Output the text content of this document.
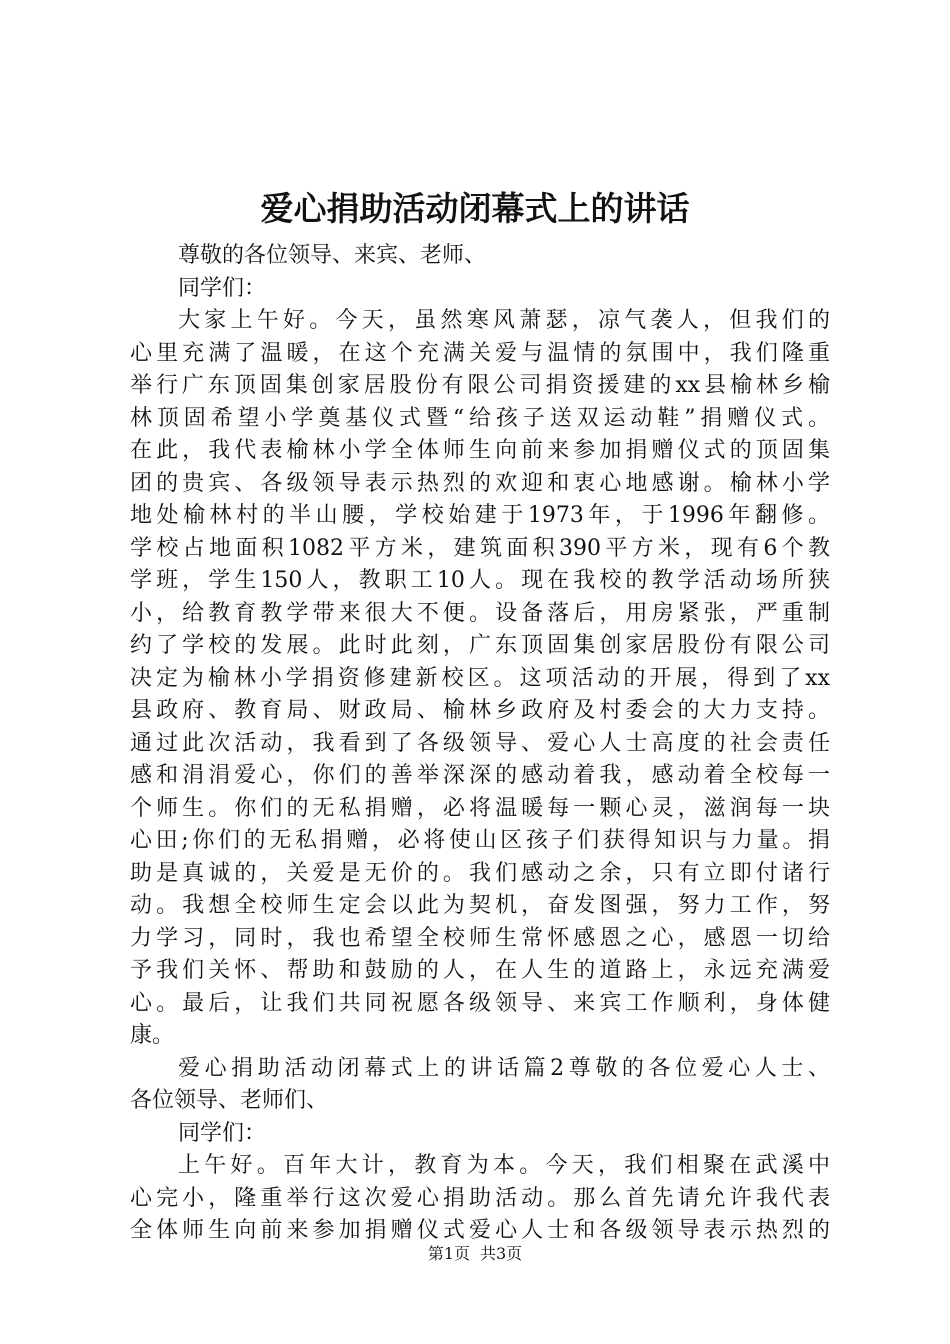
爱心捐助活动闭幕式上的讲话
尊敬的各位领导、来宾、老师、
同学们：
大家上午好。今天，虽然寒风萧瑟，凉气袭人，但我们的
心里充满了温暖，在这个充满关爱与温情的氛围中，我们隆重
举行广东顶固集创家居股份有限公司捐资援建的xx县榆林乡榆
林顶固希望小学奠基仪式暨“给孩子送双运动鞋”捐赠仪式。
在此，我代表榆林小学全体师生向前来参加捐赠仪式的顶固集
团的贵宾、各级领导表示热烈的欢迎和衷心地感谢。榆林小学
地处榆林村的半山腰，学校始建于1973年，于1996年翻修。
学校占地面积1082平方米，建筑面积390平方米，现有6个教
学班，学生150人，教职工10人。现在我校的教学活动场所狭
小，给教育教学带来很大不便。设备落后，用房紧张，严重制
约了学校的发展。此时此刻，广东顶固集创家居股份有限公司
决定为榆林小学捐资修建新校区。这项活动的开展，得到了xx
县政府、教育局、财政局、榆林乡政府及村委会的大力支持。
通过此次活动，我看到了各级领导、爱心人士高度的社会责任
感和涓涓爱心，你们的善举深深的感动着我，感动着全校每一
个师生。你们的无私捐赠，必将温暖每一颗心灵，滋润每一块
心田;你们的无私捐赠，必将使山区孩子们获得知识与力量。捐
助是真诚的，关爱是无价的。我们感动之余，只有立即付诸行
动。我想全校师生定会以此为契机，奋发图强，努力工作，努
力学习，同时，我也希望全校师生常怀感恩之心，感恩一切给
予我们关怀、帮助和鼓励的人，在人生的道路上，永远充满爱
心。最后，让我们共同祝愿各级领导、来宾工作顺利，身体健
康。
爱心捐助活动闭幕式上的讲话篇2尊敬的各位爱心人士、
各位领导、老师们、
同学们：
上午好。百年大计，教育为本。今天，我们相聚在武溪中
心完小，隆重举行这次爱心捐助活动。那么首先请允许我代表
全体师生向前来参加捐赠仪式爱心人士和各级领导表示热烈的
第1页 共3页
